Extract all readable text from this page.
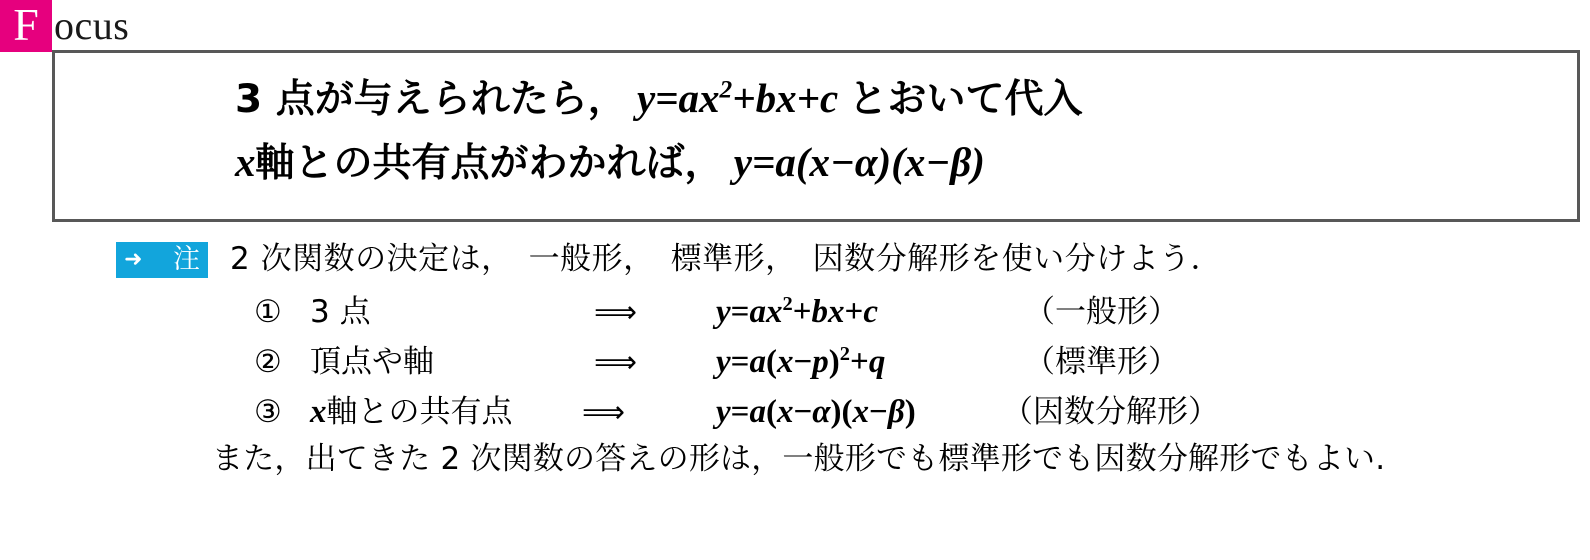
F ocus
3 点が与えられたら， $y=ax^2+bx+c$ とおいて代入
x軸との共有点がわかれば， y=a(x−α)(x−β)
➜	注 2 次関数の決定は，　一般形，　標準形，　因数分解形を使い分けよう．
① 3 点	⟹ $y=ax^2+bx+c$	（一般形）
② 頂点や軸	⟹ $y=a(x-p)^2+q$	（標準形）
③ x軸との共有点 ⟹	y=a(x−α)(x−β)	（因数分解形）
また，出てきた 2 次関数の答えの形は，一般形でも標準形でも因数分解形でもよい.
